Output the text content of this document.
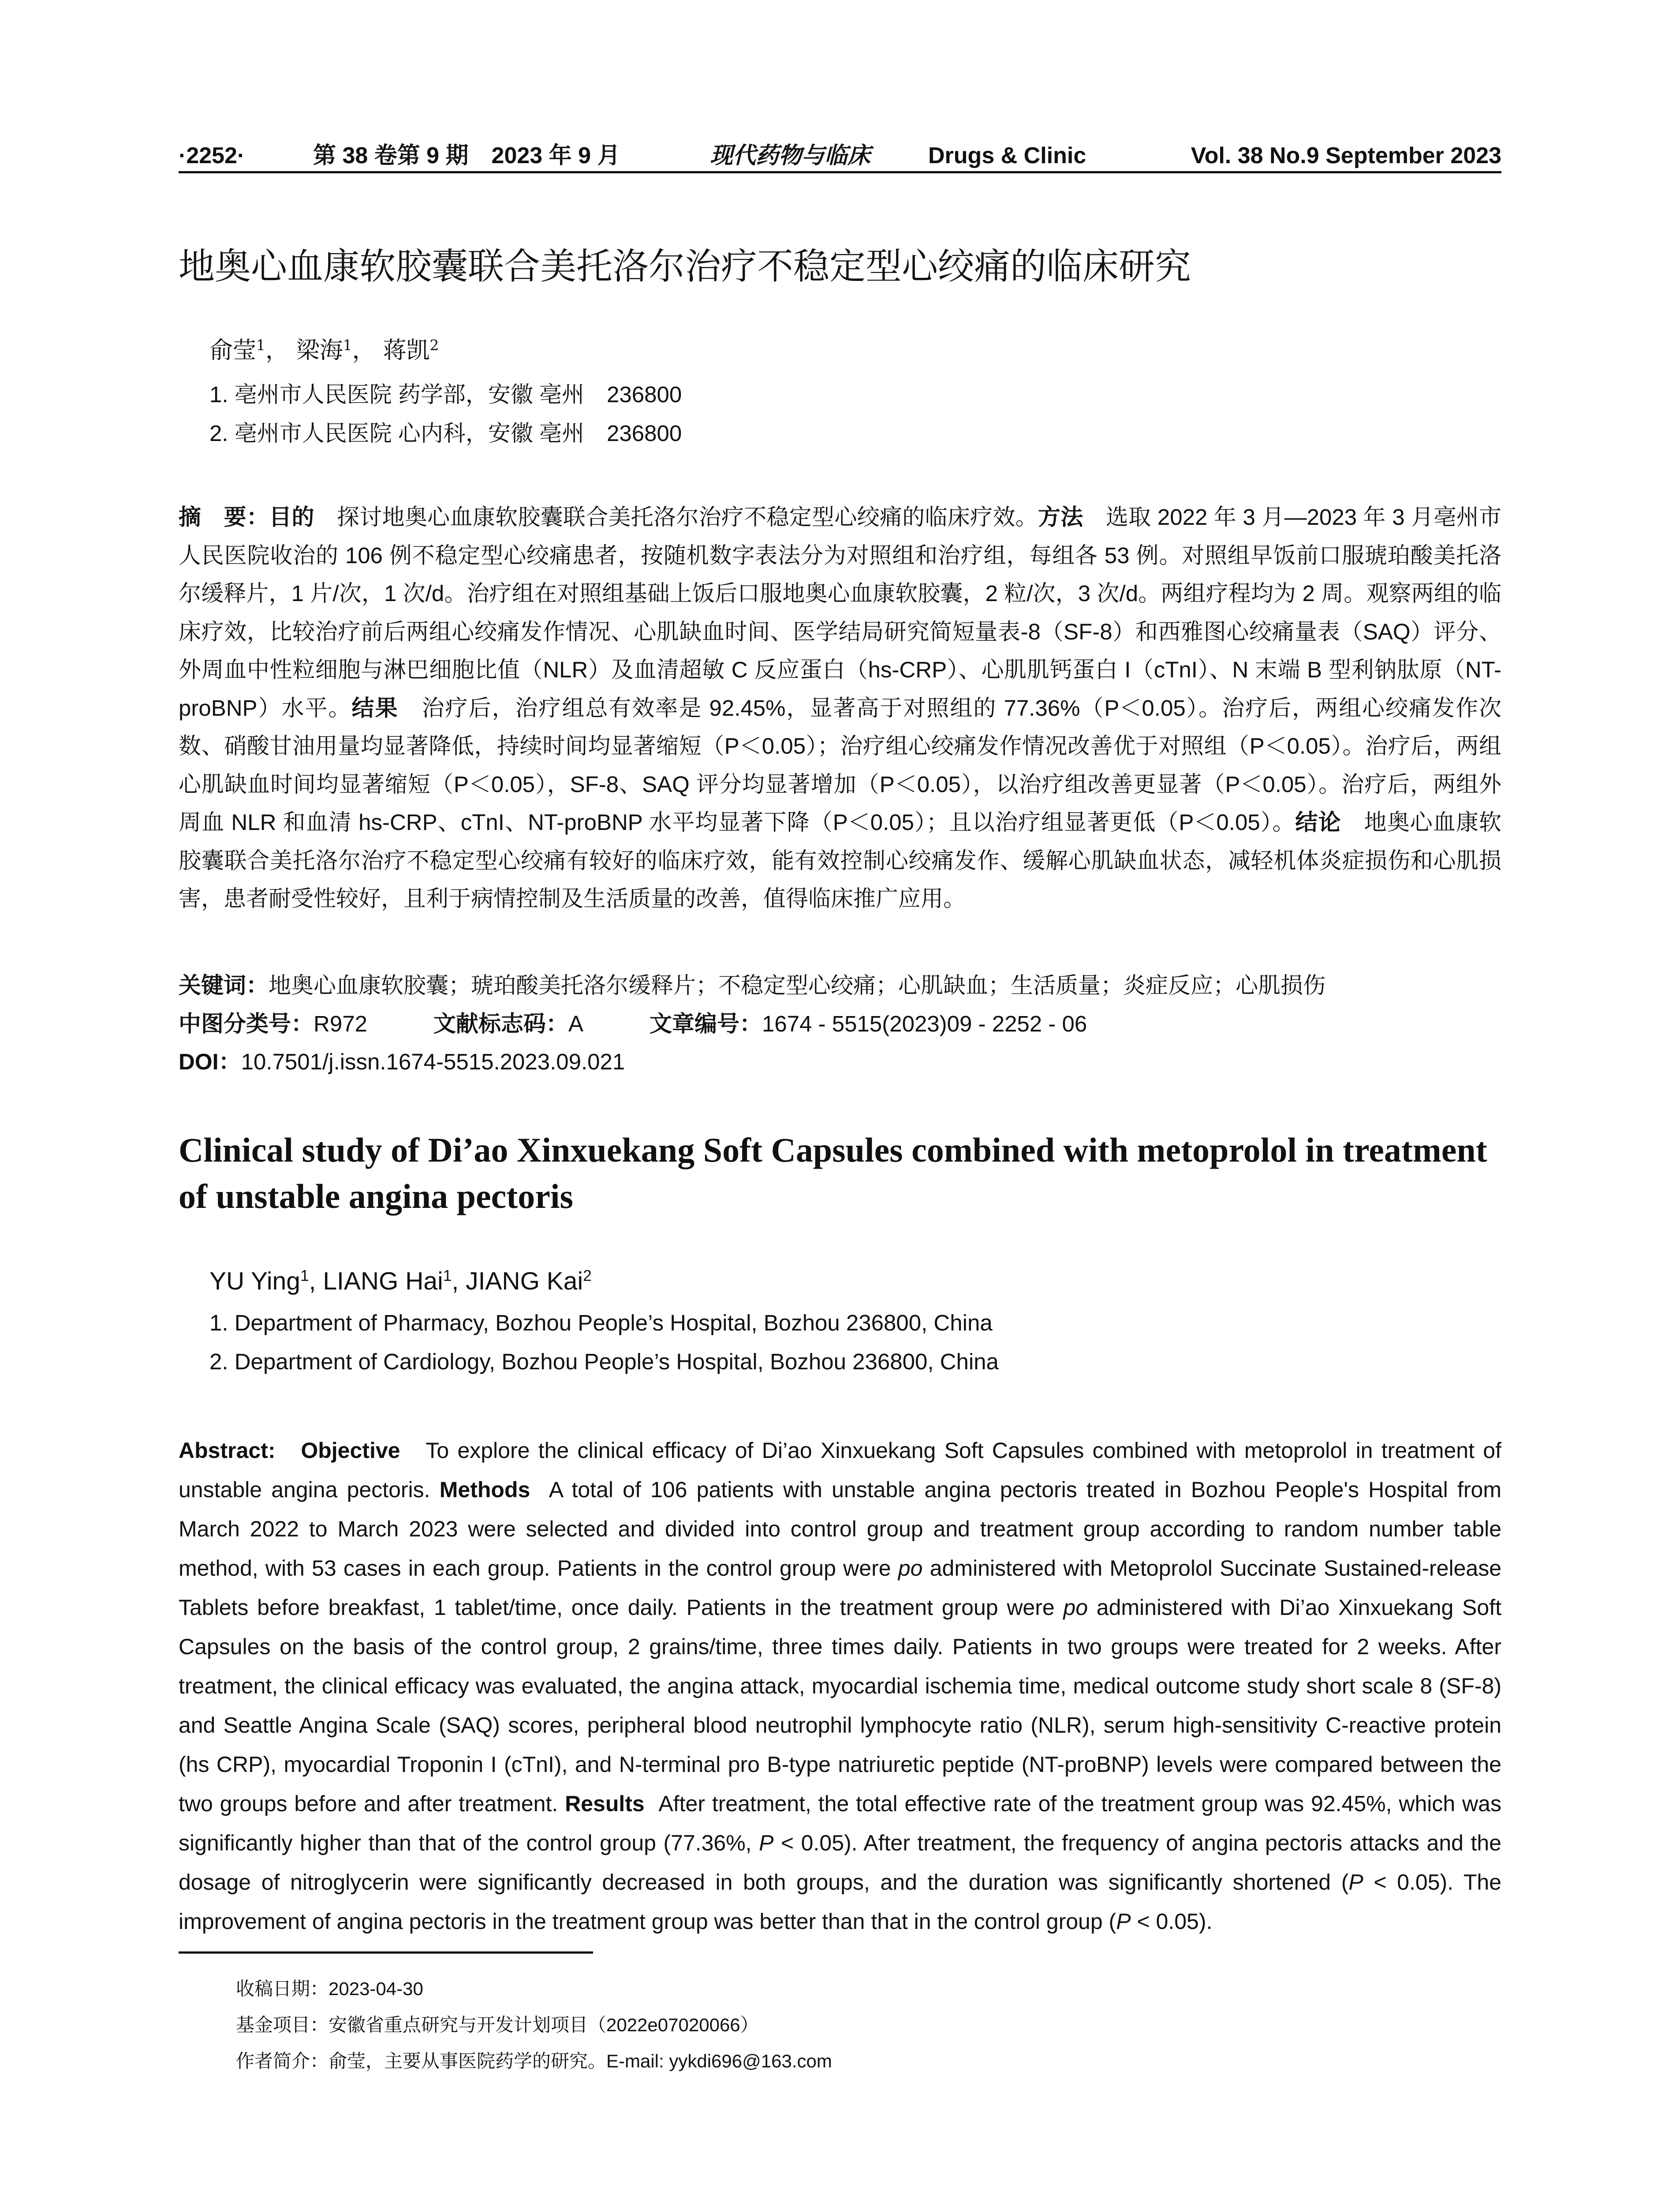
·2252·	第 38 卷第 9 期　2023 年 9 月	现代药物与临床	Drugs & Clinic	Vol. 38 No.9 September 2023
地奥心血康软胶囊联合美托洛尔治疗不稳定型心绞痛的临床研究
俞莹$^1$， 梁海$^1$， 蒋凯$^2$
1. 亳州市人民医院 药学部，安徽 亳州　236800
2. 亳州市人民医院 心内科，安徽 亳州　236800
摘　要：目的　探讨地奥心血康软胶囊联合美托洛尔治疗不稳定型心绞痛的临床疗效。方法　选取 2022 年 3 月—2023 年 3 月亳州市人民医院收治的 106 例不稳定型心绞痛患者，按随机数字表法分为对照组和治疗组，每组各 53 例。对照组早饭前口服琥珀酸美托洛尔缓释片，1 片/次，1 次/d。治疗组在对照组基础上饭后口服地奥心血康软胶囊，2 粒/次，3 次/d。两组疗程均为 2 周。观察两组的临床疗效，比较治疗前后两组心绞痛发作情况、心肌缺血时间、医学结局研究简短量表-8（SF-8）和西雅图心绞痛量表（SAQ）评分、外周血中性粒细胞与淋巴细胞比值（NLR）及血清超敏 C 反应蛋白（hs-CRP）、心肌肌钙蛋白 I（cTnI）、N 末端 B 型利钠肽原（NT-proBNP）水平。结果　治疗后，治疗组总有效率是 92.45%，显著高于对照组的 77.36%（P＜0.05）。治疗后，两组心绞痛发作次数、硝酸甘油用量均显著降低，持续时间均显著缩短（P＜0.05）；治疗组心绞痛发作情况改善优于对照组（P＜0.05）。治疗后，两组心肌缺血时间均显著缩短（P＜0.05），SF-8、SAQ 评分均显著增加（P＜0.05），以治疗组改善更显著（P＜0.05）。治疗后，两组外周血 NLR 和血清 hs-CRP、cTnI、NT-proBNP 水平均显著下降（P＜0.05）；且以治疗组显著更低（P＜0.05）。结论　地奥心血康软胶囊联合美托洛尔治疗不稳定型心绞痛有较好的临床疗效，能有效控制心绞痛发作、缓解心肌缺血状态，减轻机体炎症损伤和心肌损害，患者耐受性较好，且利于病情控制及生活质量的改善，值得临床推广应用。
关键词：地奥心血康软胶囊；琥珀酸美托洛尔缓释片；不稳定型心绞痛；心肌缺血；生活质量；炎症反应；心肌损伤
中图分类号：R972	文献标志码：A	文章编号：1674 - 5515(2023)09 - 2252 - 06
DOI：10.7501/j.issn.1674-5515.2023.09.021
Clinical study of Di’ao Xinxuekang Soft Capsules combined with metoprolol in treatment of unstable angina pectoris
YU Ying$^1$, LIANG Hai$^1$, JIANG Kai$^2$
1. Department of Pharmacy, Bozhou People’s Hospital, Bozhou 236800, China
2. Department of Cardiology, Bozhou People’s Hospital, Bozhou 236800, China
Abstract: Objective To explore the clinical efficacy of Di’ao Xinxuekang Soft Capsules combined with metoprolol in treatment of unstable angina pectoris. Methods A total of 106 patients with unstable angina pectoris treated in Bozhou People's Hospital from March 2022 to March 2023 were selected and divided into control group and treatment group according to random number table method, with 53 cases in each group. Patients in the control group were po administered with Metoprolol Succinate Sustained-release Tablets before breakfast, 1 tablet/time, once daily. Patients in the treatment group were po administered with Di’ao Xinxuekang Soft Capsules on the basis of the control group, 2 grains/time, three times daily. Patients in two groups were treated for 2 weeks. After treatment, the clinical efficacy was evaluated, the angina attack, myocardial ischemia time, medical outcome study short scale 8 (SF-8) and Seattle Angina Scale (SAQ) scores, peripheral blood neutrophil lymphocyte ratio (NLR), serum high-sensitivity C-reactive protein (hs CRP), myocardial Troponin I (cTnI), and N-terminal pro B-type natriuretic peptide (NT-proBNP) levels were compared between the two groups before and after treatment. Results After treatment, the total effective rate of the treatment group was 92.45%, which was significantly higher than that of the control group (77.36%, P < 0.05). After treatment, the frequency of angina pectoris attacks and the dosage of nitroglycerin were significantly decreased in both groups, and the duration was significantly shortened (P < 0.05). The improvement of angina pectoris in the treatment group was better than that in the control group (P < 0.05).
收稿日期：2023-04-30
基金项目：安徽省重点研究与开发计划项目（2022e07020066）
作者简介：俞莹，主要从事医院药学的研究。E-mail: yykdi696@163.com
